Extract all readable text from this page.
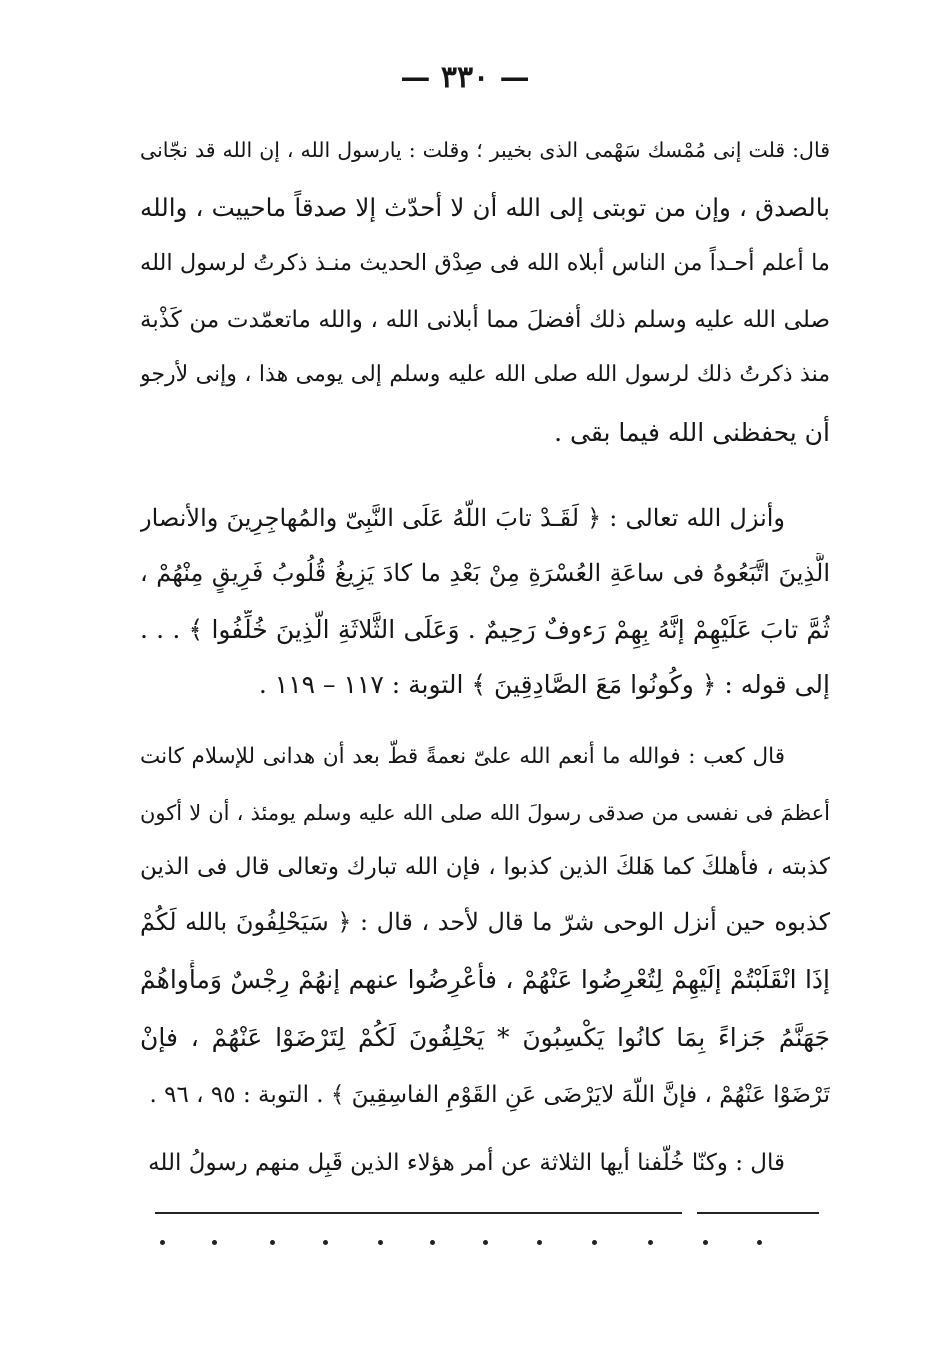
— ٣٣٠ —
قال: قلت إنى مُمْسك سَهْمى الذى بخيبر ؛ وقلت : يارسول الله ، إن الله قد نجّانى
بالصدق ، وإن من توبتى إلى الله أن لا أحدّث إلا صدقاً ماحييت ، والله
ما أعلم أحـداً من الناس أبلاه الله فى صِدْق الحديث منـذ ذكرتُ لرسول الله
صلى الله عليه وسلم ذلك أفضلَ مما أبلانى الله ، والله ماتعمّدت من كَذْبة
منذ ذكرتُ ذلك لرسول الله صلى الله عليه وسلم إلى يومى هذا ، وإنى لأرجو
أن يحفظنى الله فيما بقى .
وأنزل الله تعالى : ﴿ لَقَـدْ تابَ اللّهُ عَلَى النَّبِىّ والمُهاجِرِينَ والأنصار
الَّذِينَ اتَّبَعُوهُ فى ساعَةِ العُسْرَةِ مِنْ بَعْدِ ما كادَ يَزِيغُ قُلُوبُ فَرِيقٍ مِنْهُمْ ،
ثُمَّ تابَ عَلَيْهِمْ إنَّهُ بِهِمْ رَءوفٌ رَحِيمٌ . وَعَلَى الثَّلاثَةِ الَّذِينَ خُلِّفُوا ﴾ . . .
إلى قوله : ﴿ وكُونُوا مَعَ الصَّادِقِينَ ﴾ التوبة : ١١٧ – ١١٩ .
قال كعب : فوالله ما أنعم الله علىّ نعمةً قطّ بعد أن هدانى للإسلام كانت
أعظمَ فى نفسى من صدقى رسولَ الله صلى الله عليه وسلم يومئذ ، أن لا أكون
كذبته ، فأهلكَ كما هَلكَ الذين كذبوا ، فإن الله تبارك وتعالى قال فى الذين
كذبوه حين أنزل الوحى شرّ ما قال لأحد ، قال : ﴿ سَيَحْلِفُونَ بالله لَكُمْ
إذَا انْقَلَبْتُمْ إلَيْهِمْ لِتُعْرِضُوا عَنْهُمْ ، فأعْرِضُوا عنهم إنهُمْ رِجْسٌ وَمأْواهُمْ
جَهَنَّمُ جَزاءً بِمَا كانُوا يَكْسِبُونَ * يَحْلِفُونَ لَكُمْ لِتَرْضَوْا عَنْهُمْ ، فإنْ
تَرْضَوْا عَنْهُمْ ، فإنَّ اللّهَ لايَرْضَى عَنِ القَوْمِ الفاسِقِينَ ﴾ . التوبة : ٩٥ ، ٩٦ .
قال : وكنّا خُلّفنا أيها الثلاثة عن أمر هؤلاء الذين قَبِل منهم رسولُ الله
